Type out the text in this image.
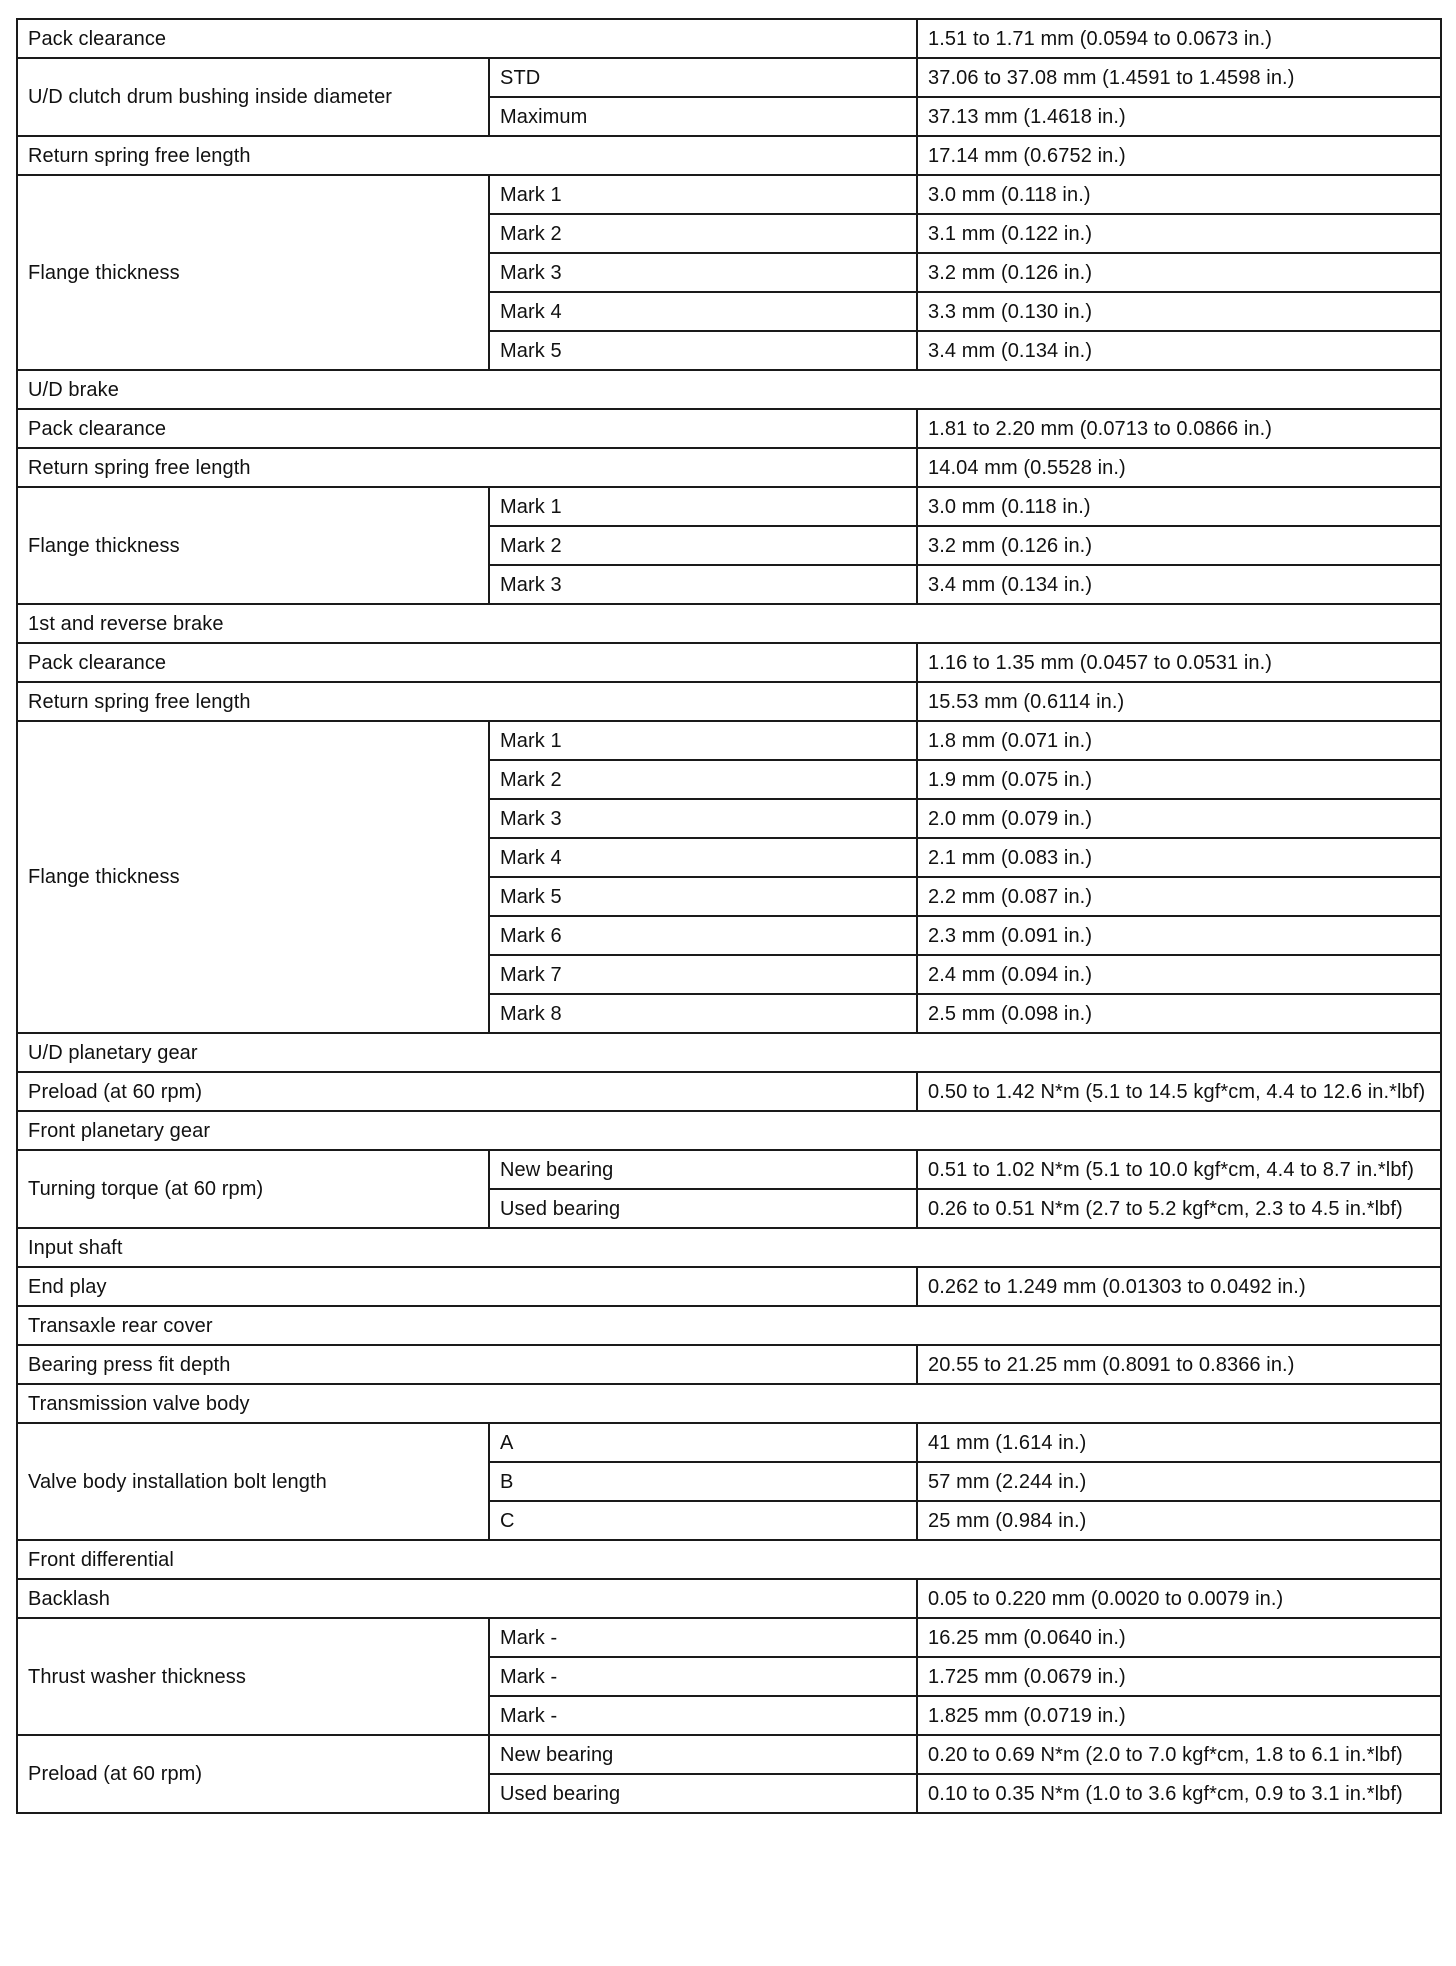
Pack clearance		1.51 to 1.71 mm (0.0594 to 0.0673 in.)
U/D clutch drum bushing inside diameter	STD	37.06 to 37.08 mm (1.4591 to 1.4598 in.)
	Maximum	37.13 mm (1.4618 in.)
Return spring free length		17.14 mm (0.6752 in.)
Flange thickness	Mark 1	3.0 mm (0.118 in.)
	Mark 2	3.1 mm (0.122 in.)
	Mark 3	3.2 mm (0.126 in.)
	Mark 4	3.3 mm (0.130 in.)
	Mark 5	3.4 mm (0.134 in.)
U/D brake		
Pack clearance		1.81 to 2.20 mm (0.0713 to 0.0866 in.)
Return spring free length		14.04 mm (0.5528 in.)
Flange thickness	Mark 1	3.0 mm (0.118 in.)
	Mark 2	3.2 mm (0.126 in.)
	Mark 3	3.4 mm (0.134 in.)
1st and reverse brake		
Pack clearance		1.16 to 1.35 mm (0.0457 to 0.0531 in.)
Return spring free length		15.53 mm (0.6114 in.)
Flange thickness	Mark 1	1.8 mm (0.071 in.)
	Mark 2	1.9 mm (0.075 in.)
	Mark 3	2.0 mm (0.079 in.)
	Mark 4	2.1 mm (0.083 in.)
	Mark 5	2.2 mm (0.087 in.)
	Mark 6	2.3 mm (0.091 in.)
	Mark 7	2.4 mm (0.094 in.)
	Mark 8	2.5 mm (0.098 in.)
U/D planetary gear		
Preload (at 60 rpm)		0.50 to 1.42 N*m (5.1 to 14.5 kgf*cm, 4.4 to 12.6 in.*lbf)
Front planetary gear		
Turning torque (at 60 rpm)	New bearing	0.51 to 1.02 N*m (5.1 to 10.0 kgf*cm, 4.4 to 8.7 in.*lbf)
	Used bearing	0.26 to 0.51 N*m (2.7 to 5.2 kgf*cm, 2.3 to 4.5 in.*lbf)
Input shaft		
End play		0.262 to 1.249 mm (0.01303 to 0.0492 in.)
Transaxle rear cover		
Bearing press fit depth		20.55 to 21.25 mm (0.8091 to 0.8366 in.)
Transmission valve body		
Valve body installation bolt length	A	41 mm (1.614 in.)
	B	57 mm (2.244 in.)
	C	25 mm (0.984 in.)
Front differential		
Backlash		0.05 to 0.220 mm (0.0020 to 0.0079 in.)
Thrust washer thickness	Mark -	16.25 mm (0.0640 in.)
	Mark -	1.725 mm (0.0679 in.)
	Mark -	1.825 mm (0.0719 in.)
Preload (at 60 rpm)	New bearing	0.20 to 0.69 N*m (2.0 to 7.0 kgf*cm, 1.8 to 6.1 in.*lbf)
	Used bearing	0.10 to 0.35 N*m (1.0 to 3.6 kgf*cm, 0.9 to 3.1 in.*lbf)
